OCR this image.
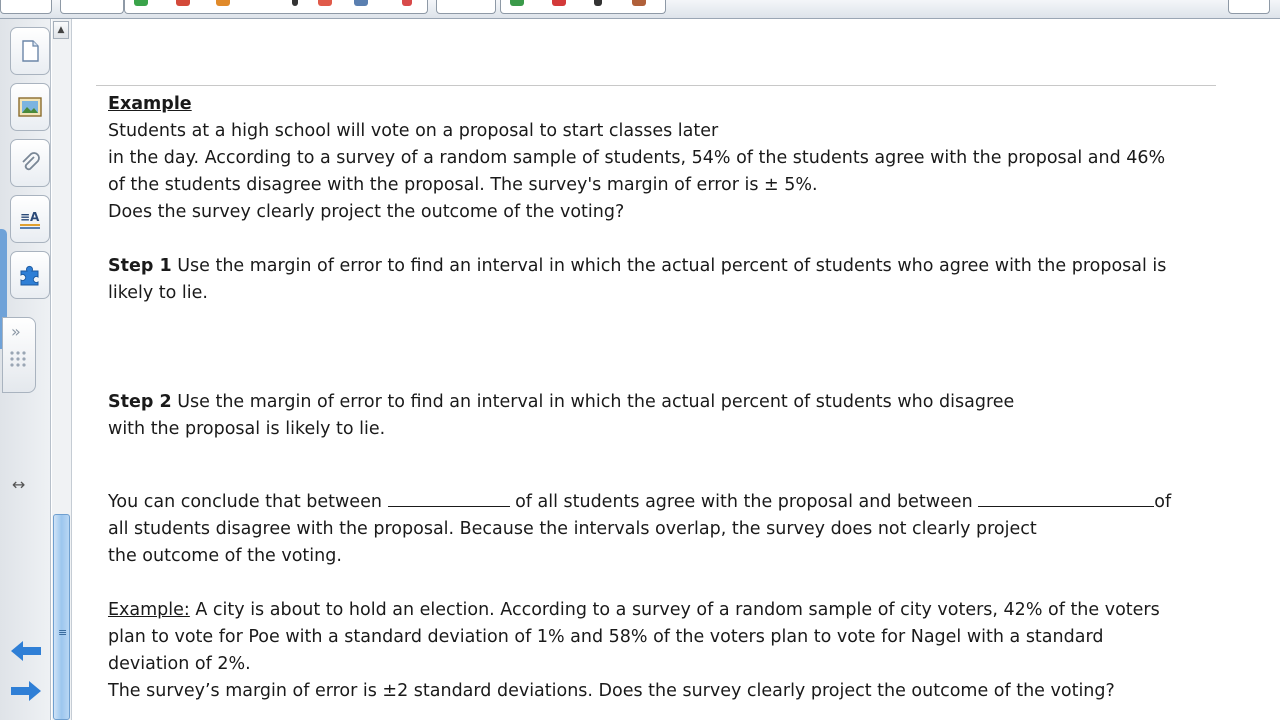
≡A
»
↔
▲
≡

Example

Students at a high school will vote on a proposal to start classes later

in the day. According to a survey of a random sample of students, 54% of the students agree with the proposal and 46%

of the students disagree with the proposal. The survey's margin of error is ± 5%.

Does the survey clearly project the outcome of the voting?

Step 1 Use the margin of error to find an interval in which the actual percent of students who agree with the proposal is

likely to lie.

Step 2 Use the margin of error to find an interval in which the actual percent of students who disagree

with the proposal is likely to lie.

You can conclude that between	of all students agree with the proposal and between	of

all students disagree with the proposal. Because the intervals overlap, the survey does not clearly project

the outcome of the voting.

Example: A city is about to hold an election. According to a survey of a random sample of city voters, 42% of the voters

plan to vote for Poe with a standard deviation of 1% and 58% of the voters plan to vote for Nagel with a standard

deviation of 2%.

The survey’s margin of error is ±2 standard deviations. Does the survey clearly project the outcome of the voting?
